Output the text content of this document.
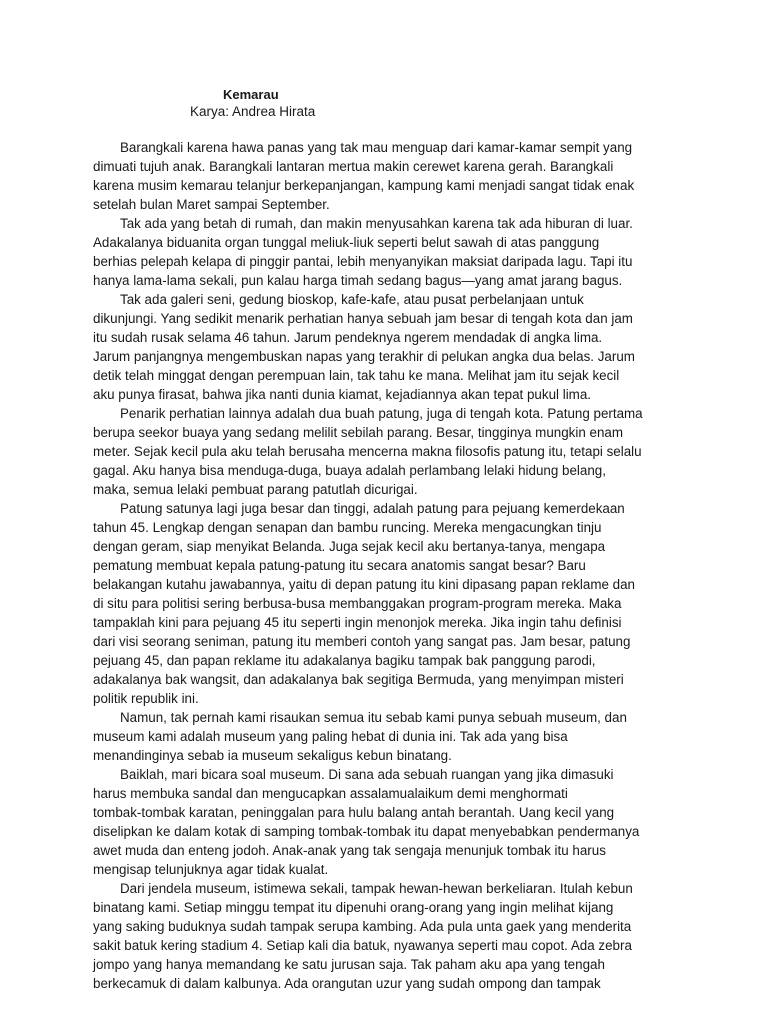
Kemarau

Karya: Andrea Hirata

Barangkali karena hawa panas yang tak mau menguap dari kamar-kamar sempit yang
dimuati tujuh anak. Barangkali lantaran mertua makin cerewet karena gerah. Barangkali
karena musim kemarau telanjur berkepanjangan, kampung kami menjadi sangat tidak enak
setelah bulan Maret sampai September.

Tak ada yang betah di rumah, dan makin menyusahkan karena tak ada hiburan di luar.
Adakalanya biduanita organ tunggal meliuk-liuk seperti belut sawah di atas panggung
berhias pelepah kelapa di pinggir pantai, lebih menyanyikan maksiat daripada lagu. Tapi itu
hanya lama-lama sekali, pun kalau harga timah sedang bagus—yang amat jarang bagus.

Tak ada galeri seni, gedung bioskop, kafe-kafe, atau pusat perbelanjaan untuk
dikunjungi. Yang sedikit menarik perhatian hanya sebuah jam besar di tengah kota dan jam
itu sudah rusak selama 46 tahun. Jarum pendeknya ngerem mendadak di angka lima.
Jarum panjangnya mengembuskan napas yang terakhir di pelukan angka dua belas. Jarum
detik telah minggat dengan perempuan lain, tak tahu ke mana. Melihat jam itu sejak kecil
aku punya firasat, bahwa jika nanti dunia kiamat, kejadiannya akan tepat pukul lima.

Penarik perhatian lainnya adalah dua buah patung, juga di tengah kota. Patung pertama
berupa seekor buaya yang sedang melilit sebilah parang. Besar, tingginya mungkin enam
meter. Sejak kecil pula aku telah berusaha mencerna makna filosofis patung itu, tetapi selalu
gagal. Aku hanya bisa menduga-duga, buaya adalah perlambang lelaki hidung belang,
maka, semua lelaki pembuat parang patutlah dicurigai.

Patung satunya lagi juga besar dan tinggi, adalah patung para pejuang kemerdekaan
tahun 45. Lengkap dengan senapan dan bambu runcing. Mereka mengacungkan tinju
dengan geram, siap menyikat Belanda. Juga sejak kecil aku bertanya-tanya, mengapa
pematung membuat kepala patung-patung itu secara anatomis sangat besar? Baru
belakangan kutahu jawabannya, yaitu di depan patung itu kini dipasang papan reklame dan
di situ para politisi sering berbusa-busa membanggakan program-program mereka. Maka
tampaklah kini para pejuang 45 itu seperti ingin menonjok mereka. Jika ingin tahu definisi
dari visi seorang seniman, patung itu memberi contoh yang sangat pas. Jam besar, patung
pejuang 45, dan papan reklame itu adakalanya bagiku tampak bak panggung parodi,
adakalanya bak wangsit, dan adakalanya bak segitiga Bermuda, yang menyimpan misteri
politik republik ini.

Namun, tak pernah kami risaukan semua itu sebab kami punya sebuah museum, dan
museum kami adalah museum yang paling hebat di dunia ini. Tak ada yang bisa
menandinginya sebab ia museum sekaligus kebun binatang.

Baiklah, mari bicara soal museum. Di sana ada sebuah ruangan yang jika dimasuki
harus membuka sandal dan mengucapkan assalamualaikum demi menghormati
tombak-tombak karatan, peninggalan para hulu balang antah berantah. Uang kecil yang
diselipkan ke dalam kotak di samping tombak-tombak itu dapat menyebabkan pendermanya
awet muda dan enteng jodoh. Anak-anak yang tak sengaja menunjuk tombak itu harus
mengisap telunjuknya agar tidak kualat.

Dari jendela museum, istimewa sekali, tampak hewan-hewan berkeliaran. Itulah kebun
binatang kami. Setiap minggu tempat itu dipenuhi orang-orang yang ingin melihat kijang
yang saking buduknya sudah tampak serupa kambing. Ada pula unta gaek yang menderita
sakit batuk kering stadium 4. Setiap kali dia batuk, nyawanya seperti mau copot. Ada zebra
jompo yang hanya memandang ke satu jurusan saja. Tak paham aku apa yang tengah
berkecamuk di dalam kalbunya. Ada orangutan uzur yang sudah ompong dan tampak
